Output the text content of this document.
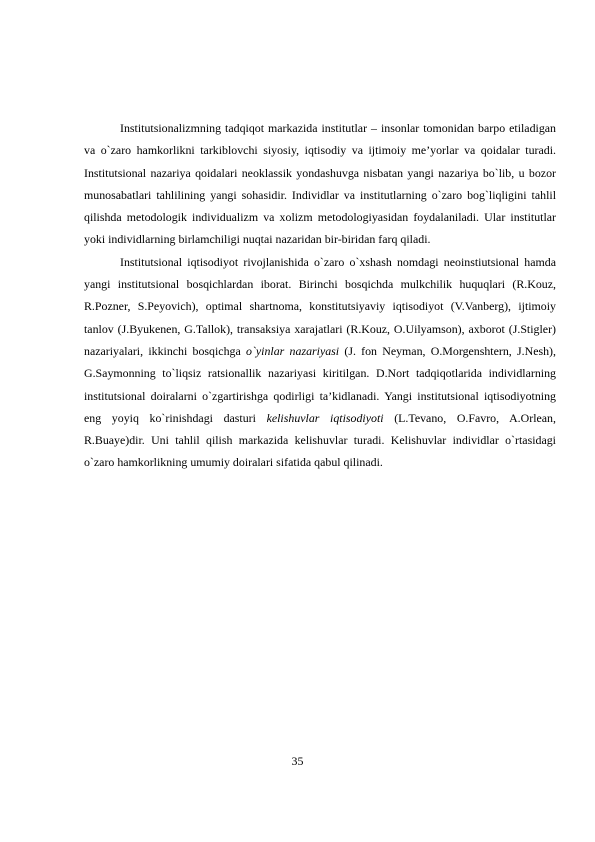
Institutsionalizmning tadqiqot markazida institutlar – insonlar tomonidan barpo etiladigan va o`zaro hamkorlikni tarkiblovchi siyosiy, iqtisodiy va ijtimoiy me’yorlar va qoidalar turadi. Institutsional nazariya qoidalari neoklassik yondashuvga nisbatan yangi nazariya bo`lib, u bozor munosabatlari tahlilining yangi sohasidir. Individlar va institutlarning o`zaro bog`liqligini tahlil qilishda metodologik individualizm va xolizm metodologiyasidan foydalaniladi. Ular institutlar yoki individlarning birlamchiligi nuqtai nazaridan bir-biridan farq qiladi.

Institutsional iqtisodiyot rivojlanishida o`zaro o`xshash nomdagi neoinstiutsional hamda yangi institutsional bosqichlardan iborat. Birinchi bosqichda mulkchilik huquqlari (R.Kouz, R.Pozner, S.Peyovich), optimal shartnoma, konstitutsiyaviy iqtisodiyot (V.Vanberg), ijtimoiy tanlov (J.Byukenen, G.Tallok), transaksiya xarajatlari (R.Kouz, O.Uilyamson), axborot (J.Stigler) nazariyalari, ikkinchi bosqichga o`yinlar nazariyasi (J. fon Neyman, O.Morgenshtern, J.Nesh), G.Saymonning to`liqsiz ratsionallik nazariyasi kiritilgan. D.Nort tadqiqotlarida individlarning institutsional doiralarni o`zgartirishga qodirligi ta’kidlanadi. Yangi institutsional iqtisodiyotning eng yoyiq ko`rinishdagi dasturi kelishuvlar iqtisodiyoti (L.Tevano, O.Favro, A.Orlean, R.Buaye)dir. Uni tahlil qilish markazida kelishuvlar turadi. Kelishuvlar individlar o`rtasidagi o`zaro hamkorlikning umumiy doiralari sifatida qabul qilinadi.

35
